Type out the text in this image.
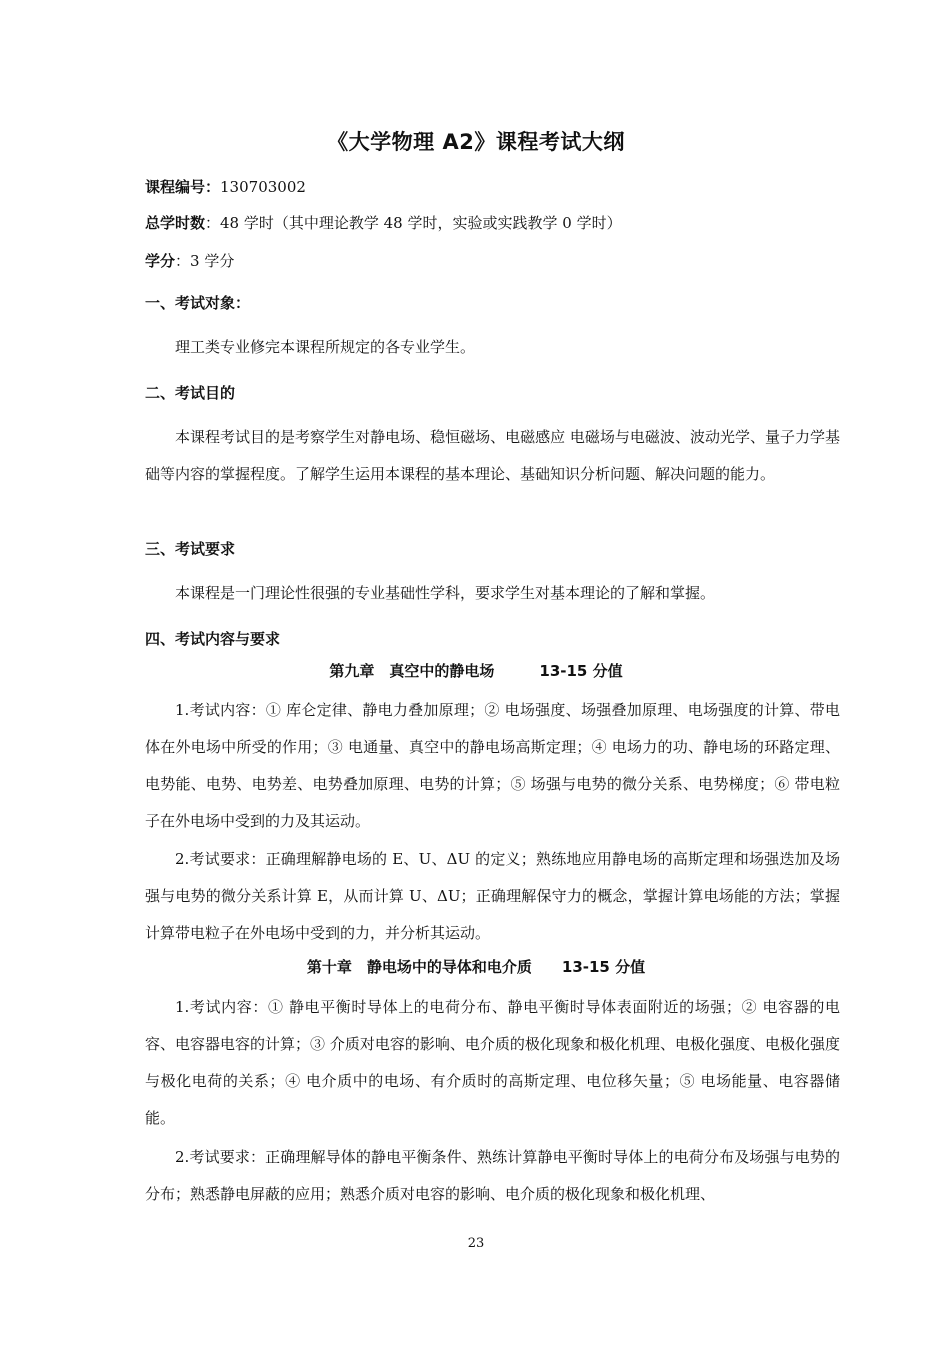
《大学物理 A2》课程考试大纲
课程编号：130703002
总学时数：48 学时（其中理论教学 48 学时，实验或实践教学 0 学时）
学分：3 学分
一、考试对象：

理工类专业修完本课程所规定的各专业学生。

二、考试目的

本课程考试目的是考察学生对静电场、稳恒磁场、电磁感应 电磁场与电磁波、波动光学、量子力学基础等内容的掌握程度。了解学生运用本课程的基本理论、基础知识分析问题、解决问题的能力。

三、考试要求

本课程是一门理论性很强的专业基础性学科，要求学生对基本理论的了解和掌握。

四、考试内容与要求
第九章　真空中的静电场　　　13-15 分值

1.考试内容：① 库仑定律、静电力叠加原理；② 电场强度、场强叠加原理、电场强度的计算、带电体在外电场中所受的作用；③ 电通量、真空中的静电场高斯定理；④ 电场力的功、静电场的环路定理、电势能、电势、电势差、电势叠加原理、电势的计算；⑤ 场强与电势的微分关系、电势梯度；⑥ 带电粒子在外电场中受到的力及其运动。

2.考试要求：正确理解静电场的 E、U、ΔU 的定义；熟练地应用静电场的高斯定理和场强迭加及场强与电势的微分关系计算 E，从而计算 U、ΔU；正确理解保守力的概念，掌握计算电场能的方法；掌握计算带电粒子在外电场中受到的力，并分析其运动。

第十章　静电场中的导体和电介质　　13-15 分值

1.考试内容：① 静电平衡时导体上的电荷分布、静电平衡时导体表面附近的场强；② 电容器的电容、电容器电容的计算；③ 介质对电容的影响、电介质的极化现象和极化机理、电极化强度、电极化强度与极化电荷的关系；④ 电介质中的电场、有介质时的高斯定理、电位移矢量；⑤ 电场能量、电容器储能。

2.考试要求：正确理解导体的静电平衡条件、熟练计算静电平衡时导体上的电荷分布及场强与电势的分布；熟悉静电屏蔽的应用；熟悉介质对电容的影响、电介质的极化现象和极化机理、

23
